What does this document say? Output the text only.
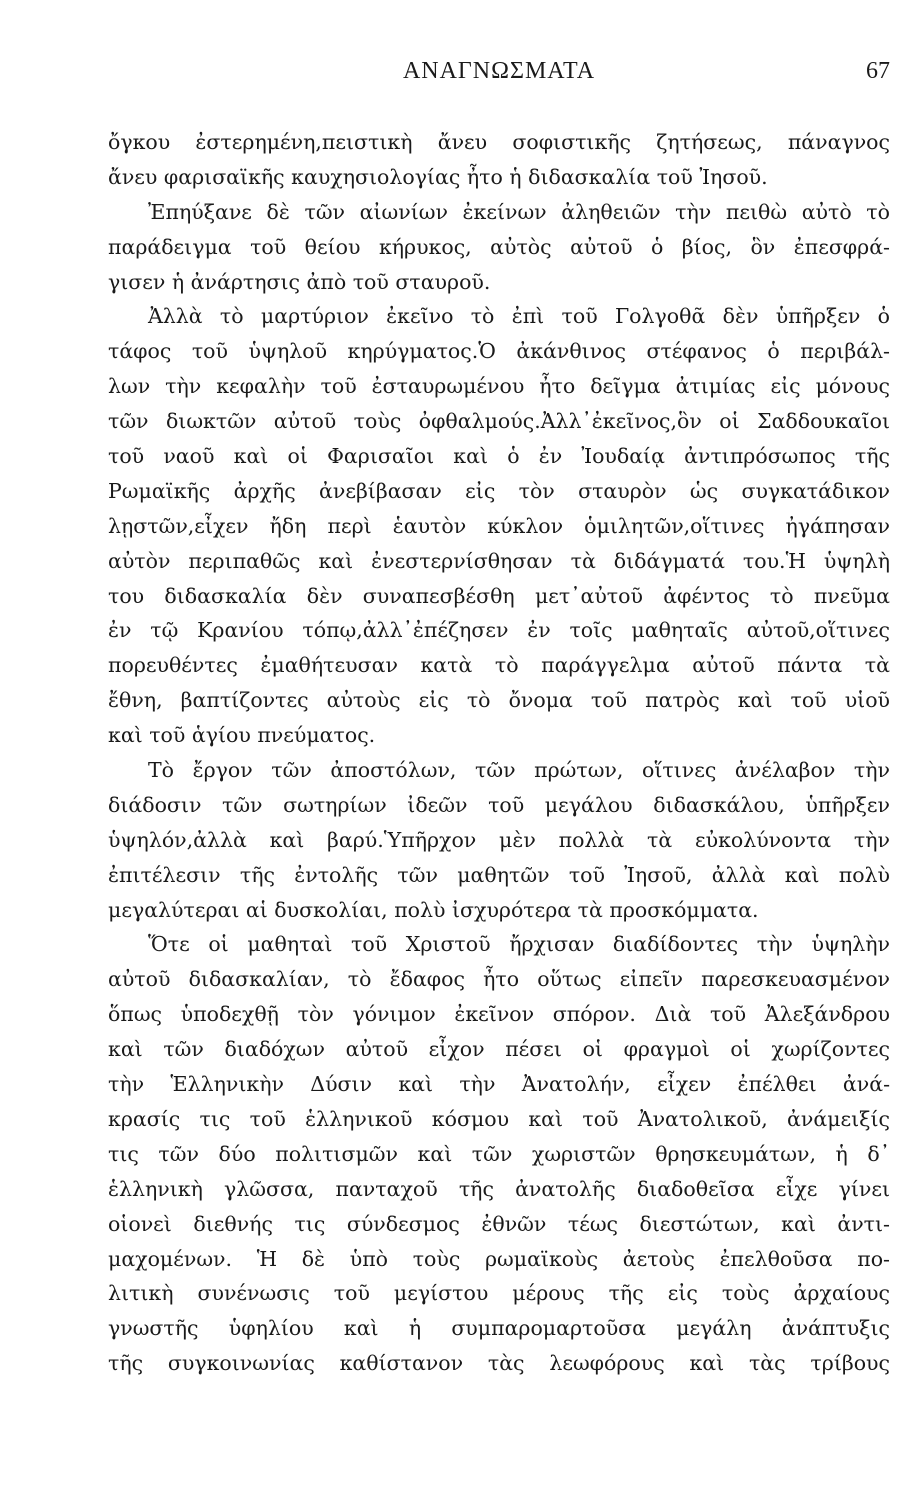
ΑΝΑΓΝΩΣΜΑΤΑ	67
ὄγκου ἐστερημένη,πειστικὴ ἄνευ σοφιστικῆς ζητήσεως, πάναγνος
ἄνευ φαρισαϊκῆς καυχησιολογίας ἦτο ἡ διδασκαλία τοῦ Ἰησοῦ.
Ἐπηύξανε δὲ τῶν αἰωνίων ἐκείνων ἀληθειῶν τὴν πειθὼ αὐτὸ τὸ
παράδειγμα τοῦ θείου κήρυκος, αὐτὸς αὐτοῦ ὁ βίος, ὃν ἐπεσφρά-
γισεν ἡ ἀνάρτησις ἀπὸ τοῦ σταυροῦ.
Ἀλλὰ τὸ μαρτύριον ἐκεῖνο τὸ ἐπὶ τοῦ Γολγοθᾶ δὲν ὑπῆρξεν ὁ
τάφος τοῦ ὑψηλοῦ κηρύγματος.Ὁ ἀκάνθινος στέφανος ὁ περιβάλ-
λων τὴν κεφαλὴν τοῦ ἐσταυρωμένου ἦτο δεῖγμα ἀτιμίας εἰς μόνους
τῶν διωκτῶν αὐτοῦ τοὺς ὀφθαλμούς.Ἀλλ᾽ἐκεῖνος,ὃν οἱ Σαδδουκαῖοι
τοῦ ναοῦ καὶ οἱ Φαρισαῖοι καὶ ὁ ἐν Ἰουδαίᾳ ἀντιπρόσωπος τῆς
Ρωμαϊκῆς ἀρχῆς ἀνεβίβασαν εἰς τὸν σταυρὸν ὡς συγκατάδικον
λῃστῶν,εἶχεν ἤδη περὶ ἑαυτὸν κύκλον ὁμιλητῶν,οἵτινες ἠγάπησαν
αὐτὸν περιπαθῶς καὶ ἐνεστερνίσθησαν τὰ διδάγματά του.Ἡ ὑψηλὴ
του διδασκαλία δὲν συναπεσβέσθη μετ᾽αὐτοῦ ἀφέντος τὸ πνεῦμα
ἐν τῷ Κρανίου τόπῳ,ἀλλ᾽ἐπέζησεν ἐν τοῖς μαθηταῖς αὐτοῦ,οἵτινες
πορευθέντες ἐμαθήτευσαν κατὰ τὸ παράγγελμα αὐτοῦ πάντα τὰ
ἔθνη, βαπτίζοντες αὐτοὺς εἰς τὸ ὄνομα τοῦ πατρὸς καὶ τοῦ υἱοῦ
καὶ τοῦ ἁγίου πνεύματος.
Τὸ ἔργον τῶν ἀποστόλων, τῶν πρώτων, οἵτινες ἀνέλαβον τὴν
διάδοσιν τῶν σωτηρίων ἰδεῶν τοῦ μεγάλου διδασκάλου, ὑπῆρξεν
ὑψηλόν,ἀλλὰ καὶ βαρύ.Ὑπῆρχον μὲν πολλὰ τὰ εὐκολύνοντα τὴν
ἐπιτέλεσιν τῆς ἐντολῆς τῶν μαθητῶν τοῦ Ἰησοῦ, ἀλλὰ καὶ πολὺ
μεγαλύτεραι αἱ δυσκολίαι, πολὺ ἰσχυρότερα τὰ προσκόμματα.
Ὅτε οἱ μαθηταὶ τοῦ Χριστοῦ ἤρχισαν διαδίδοντες τὴν ὑψηλὴν
αὐτοῦ διδασκαλίαν, τὸ ἔδαφος ἦτο οὕτως εἰπεῖν παρεσκευασμένον
ὅπως ὑποδεχθῇ τὸν γόνιμον ἐκεῖνον σπόρον. Διὰ τοῦ Ἀλεξάνδρου
καὶ τῶν διαδόχων αὐτοῦ εἶχον πέσει οἱ φραγμοὶ οἱ χωρίζοντες
τὴν Ἑλληνικὴν Δύσιν καὶ τὴν Ἀνατολήν, εἶχεν ἐπέλθει ἀνά-
κρασίς τις τοῦ ἑλληνικοῦ κόσμου καὶ τοῦ Ἀνατολικοῦ, ἀνάμειξίς
τις τῶν δύο πολιτισμῶν καὶ τῶν χωριστῶν θρησκευμάτων, ἡ δ᾽
ἑλληνικὴ γλῶσσα, πανταχοῦ τῆς ἀνατολῆς διαδοθεῖσα εἶχε γίνει
οἱονεὶ διεθνής τις σύνδεσμος ἐθνῶν τέως διεστώτων, καὶ ἀντι-
μαχομένων. Ἡ δὲ ὑπὸ τοὺς ρωμαϊκοὺς ἀετοὺς ἐπελθοῦσα πο-
λιτικὴ συνένωσις τοῦ μεγίστου μέρους τῆς εἰς τοὺς ἀρχαίους
γνωστῆς ὑφηλίου καὶ ἡ συμπαρομαρτοῦσα μεγάλη ἀνάπτυξις
τῆς συγκοινωνίας καθίστανον τὰς λεωφόρους καὶ τὰς τρίβους
